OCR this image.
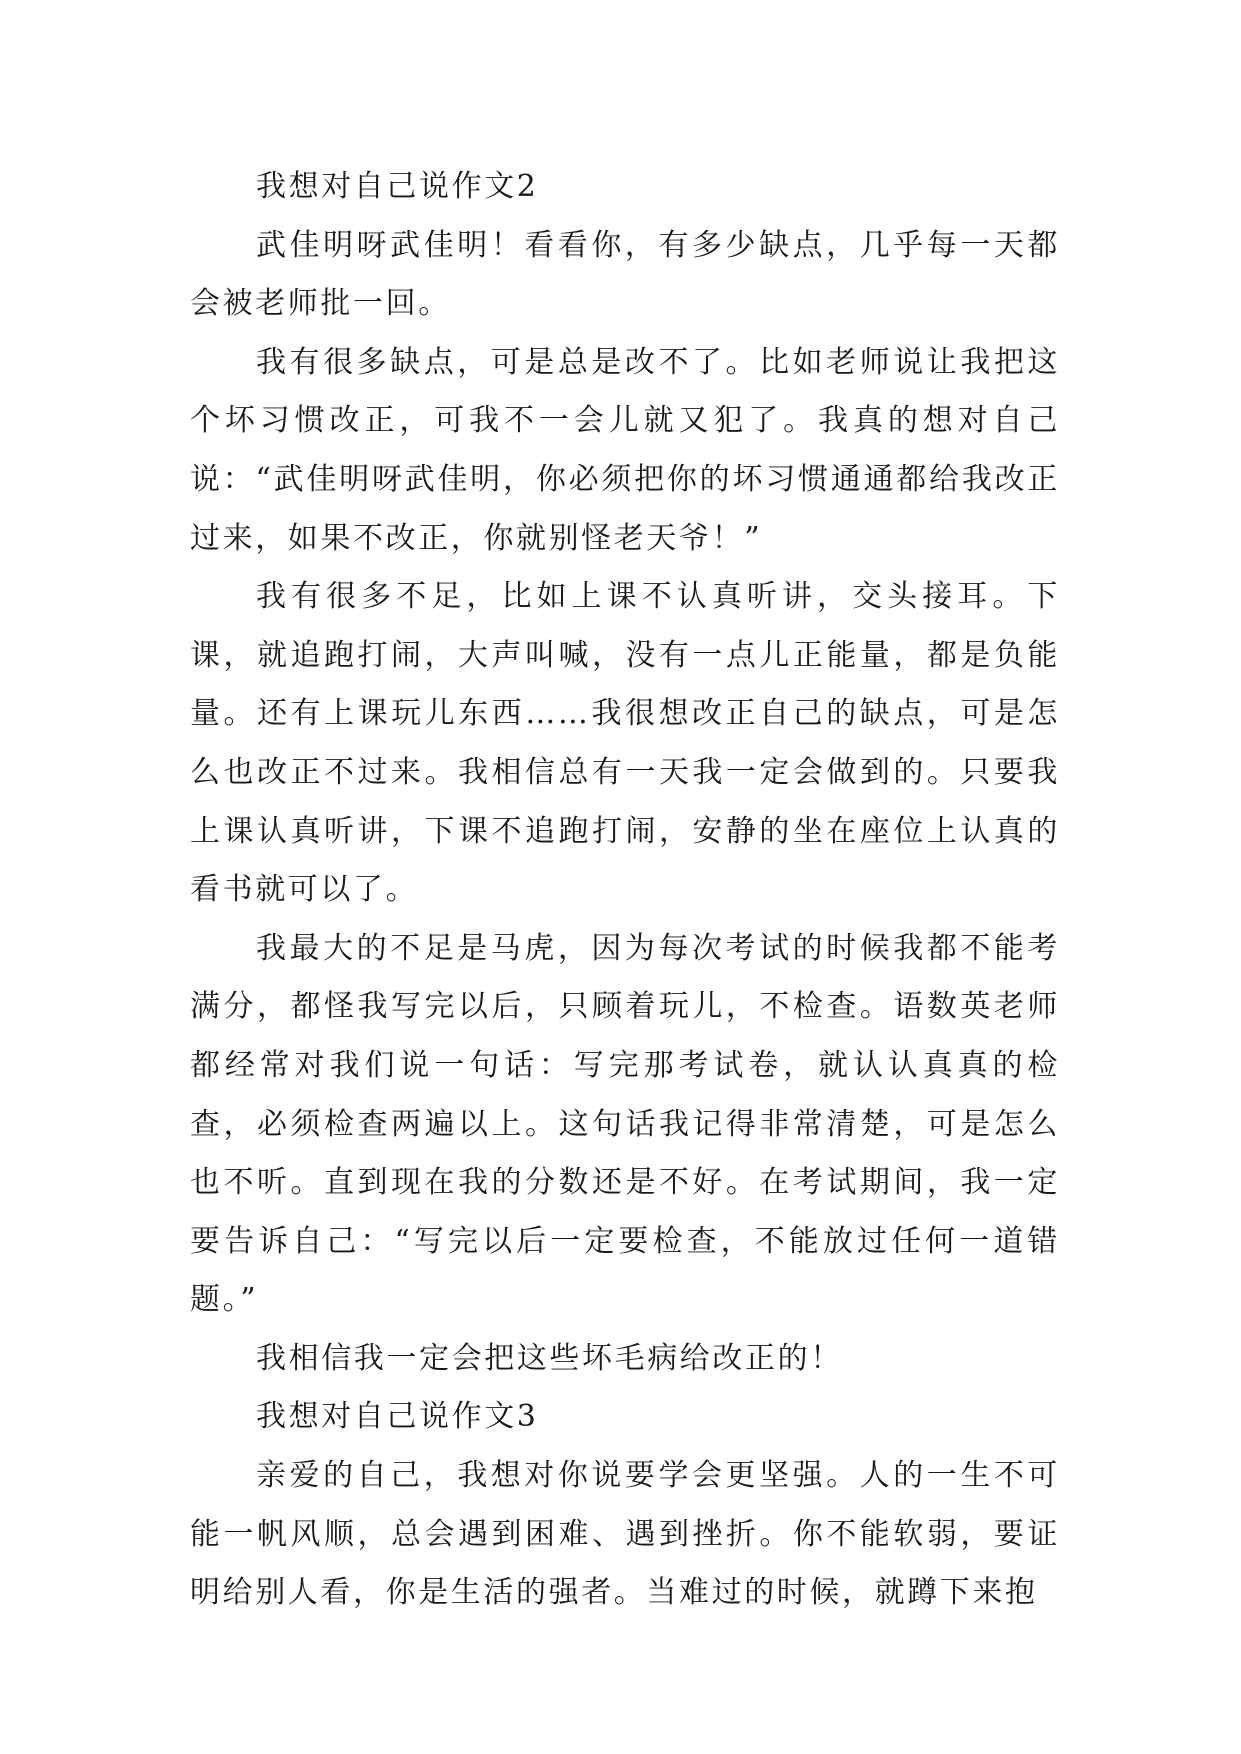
我想对自己说作文2

武佳明呀武佳明！看看你，有多少缺点，几乎每一天都会被老师批一回。

我有很多缺点，可是总是改不了。比如老师说让我把这个坏习惯改正，可我不一会儿就又犯了。我真的想对自己说：“武佳明呀武佳明，你必须把你的坏习惯通通都给我改正过来，如果不改正，你就别怪老天爷！”

我有很多不足，比如上课不认真听讲，交头接耳。下课，就追跑打闹，大声叫喊，没有一点儿正能量，都是负能量。还有上课玩儿东西……我很想改正自己的缺点，可是怎么也改正不过来。我相信总有一天我一定会做到的。只要我上课认真听讲，下课不追跑打闹，安静的坐在座位上认真的看书就可以了。

我最大的不足是马虎，因为每次考试的时候我都不能考满分，都怪我写完以后，只顾着玩儿，不检查。语数英老师都经常对我们说一句话：写完那考试卷，就认认真真的检查，必须检查两遍以上。这句话我记得非常清楚，可是怎么也不听。直到现在我的分数还是不好。在考试期间，我一定要告诉自己：“写完以后一定要检查，不能放过任何一道错题。”

我相信我一定会把这些坏毛病给改正的！

我想对自己说作文3

亲爱的自己，我想对你说要学会更坚强。人的一生不可能一帆风顺，总会遇到困难、遇到挫折。你不能软弱，要证明给别人看，你是生活的强者。当难过的时候，就蹲下来抱
